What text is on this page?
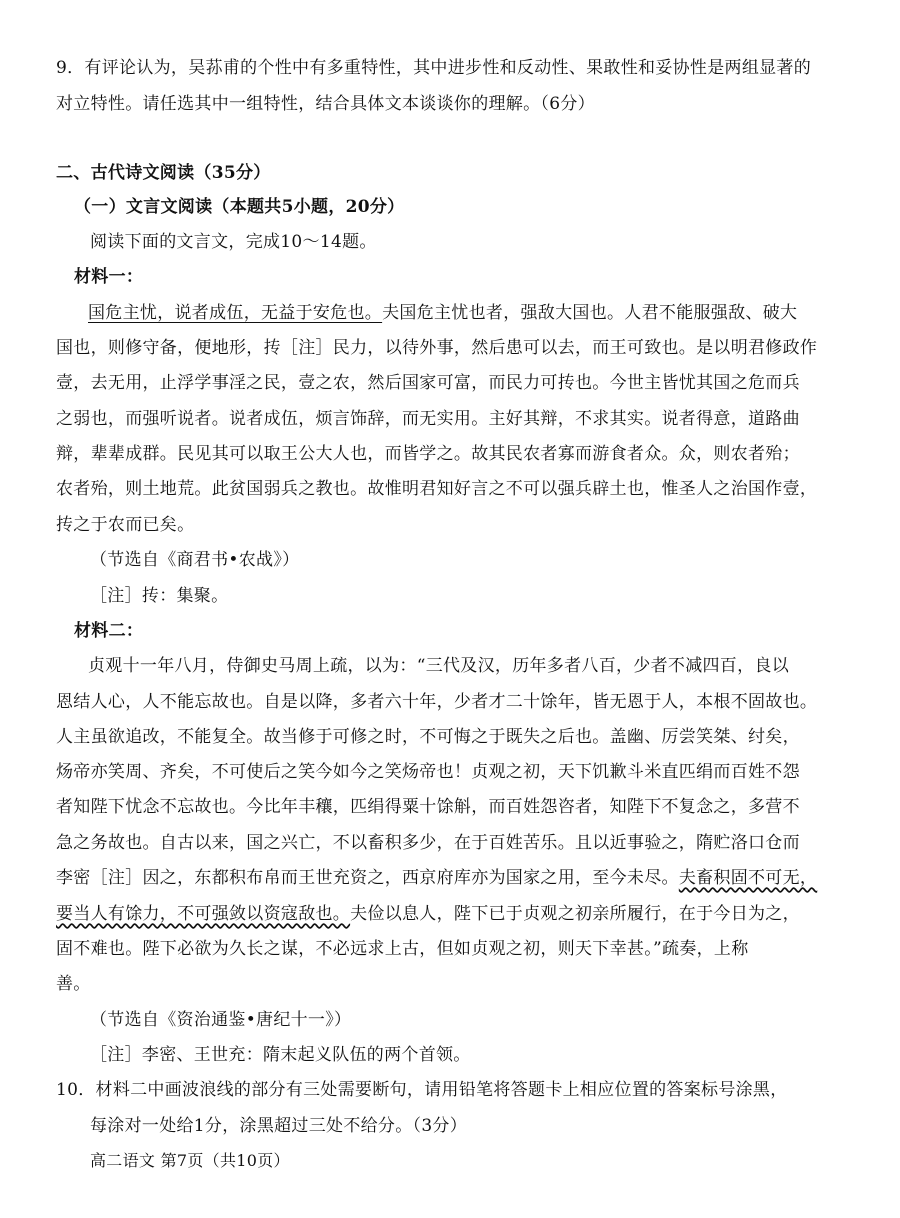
9．有评论认为，吴荪甫的个性中有多重特性，其中进步性和反动性、果敢性和妥协性是两组显著的
对立特性。请任选其中一组特性，结合具体文本谈谈你的理解。（6分）
二、古代诗文阅读（35分）
（一）文言文阅读（本题共5小题，20分）
阅读下面的文言文，完成10～14题。
材料一：
国危主忧，说者成伍，无益于安危也。夫国危主忧也者，强敌大国也。人君不能服强敌、破大
国也，则修守备，便地形，抟［注］民力，以待外事，然后患可以去，而王可致也。是以明君修政作
壹，去无用，止浮学事淫之民，壹之农，然后国家可富，而民力可抟也。今世主皆忧其国之危而兵
之弱也，而强听说者。说者成伍，烦言饰辞，而无实用。主好其辩，不求其实。说者得意，道路曲
辩，辈辈成群。民见其可以取王公大人也，而皆学之。故其民农者寡而游食者众。众，则农者殆；
农者殆，则土地荒。此贫国弱兵之教也。故惟明君知好言之不可以强兵辟土也，惟圣人之治国作壹，
抟之于农而已矣。
（节选自《商君书•农战》）
［注］抟：集聚。
材料二：
贞观十一年八月，侍御史马周上疏，以为：“三代及汉，历年多者八百，少者不减四百，良以
恩结人心，人不能忘故也。自是以降，多者六十年，少者才二十馀年，皆无恩于人，本根不固故也。
人主虽欲追改，不能复全。故当修于可修之时，不可悔之于既失之后也。盖幽、厉尝笑桀、纣矣，
炀帝亦笑周、齐矣，不可使后之笑今如今之笑炀帝也！贞观之初，天下饥歉斗米直匹绢而百姓不怨
者知陛下忧念不忘故也。今比年丰穰，匹绢得粟十馀斛，而百姓怨咨者，知陛下不复念之，多营不
急之务故也。自古以来，国之兴亡，不以畜积多少，在于百姓苦乐。且以近事验之，隋贮洛口仓而
李密［注］因之，东都积布帛而王世充资之，西京府库亦为国家之用，至今未尽。夫畜积固不可无，
要当人有馀力，不可强敛以资寇敌也。夫俭以息人，陛下已于贞观之初亲所履行，在于今日为之，
固不难也。陛下必欲为久长之谋，不必远求上古，但如贞观之初，则天下幸甚。”疏奏，上称
善。
（节选自《资治通鉴•唐纪十一》）
［注］李密、王世充：隋末起义队伍的两个首领。
10．材料二中画波浪线的部分有三处需要断句，请用铅笔将答题卡上相应位置的答案标号涂黑，
每涂对一处给1分，涂黑超过三处不给分。（3分）
高二语文 第7页（共10页）
